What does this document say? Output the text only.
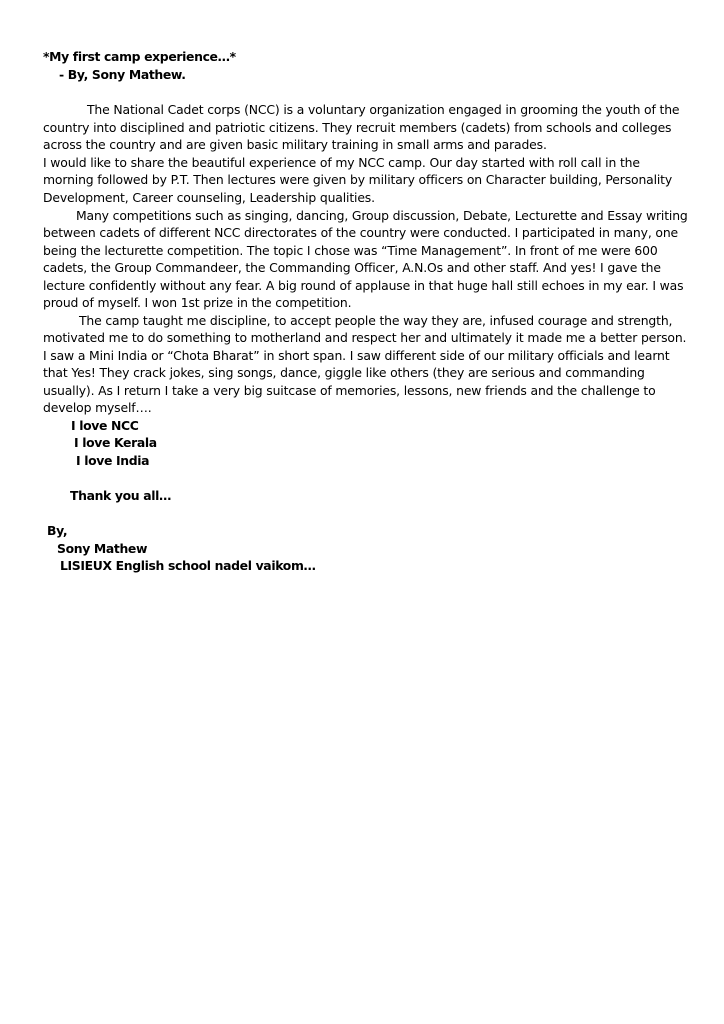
*My first camp experience…*
- By, Sony Mathew.
The National Cadet corps (NCC) is a voluntary organization engaged in grooming the youth of the
country into disciplined and patriotic citizens. They recruit members (cadets) from schools and colleges
across the country and are given basic military training in small arms and parades.
I would like to share the beautiful experience of my NCC camp. Our day started with roll call in the
morning followed by P.T. Then lectures were given by military officers on Character building, Personality
Development, Career counseling, Leadership qualities.
Many competitions such as singing, dancing, Group discussion, Debate, Lecturette and Essay writing
between cadets of different NCC directorates of the country were conducted. I participated in many, one
being the lecturette competition. The topic I chose was “Time Management”. In front of me were 600
cadets, the Group Commandeer, the Commanding Officer, A.N.Os and other staff. And yes! I gave the
lecture confidently without any fear. A big round of applause in that huge hall still echoes in my ear. I was
proud of myself. I won 1st prize in the competition.
The camp taught me discipline, to accept people the way they are, infused courage and strength,
motivated me to do something to motherland and respect her and ultimately it made me a better person.
I saw a Mini India or “Chota Bharat” in short span. I saw different side of our military officials and learnt
that Yes! They crack jokes, sing songs, dance, giggle like others (they are serious and commanding
usually). As I return I take a very big suitcase of memories, lessons, new friends and the challenge to
develop myself….
I love NCC
I love Kerala
I love India
Thank you all…
By,
Sony Mathew
LISIEUX English school nadel vaikom…
